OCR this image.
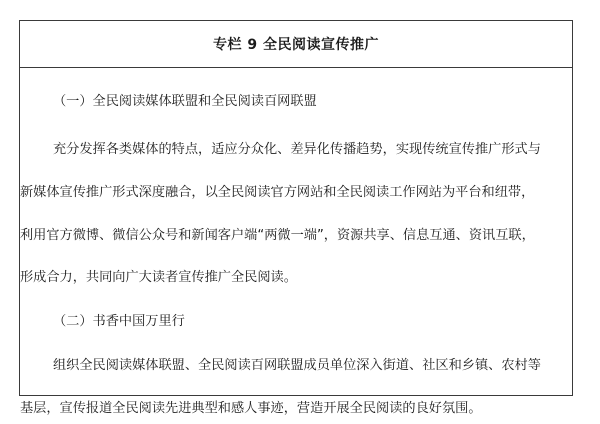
专栏 9 全民阅读宣传推广
（一）全民阅读媒体联盟和全民阅读百网联盟
充分发挥各类媒体的特点，适应分众化、差异化传播趋势，实现传统宣传推广形式与
新媒体宣传推广形式深度融合，以全民阅读官方网站和全民阅读工作网站为平台和纽带，
利用官方微博、微信公众号和新闻客户端“两微一端”，资源共享、信息互通、资讯互联，
形成合力，共同向广大读者宣传推广全民阅读。
（二）书香中国万里行
组织全民阅读媒体联盟、全民阅读百网联盟成员单位深入街道、社区和乡镇、农村等
基层，宣传报道全民阅读先进典型和感人事迹，营造开展全民阅读的良好氛围。
